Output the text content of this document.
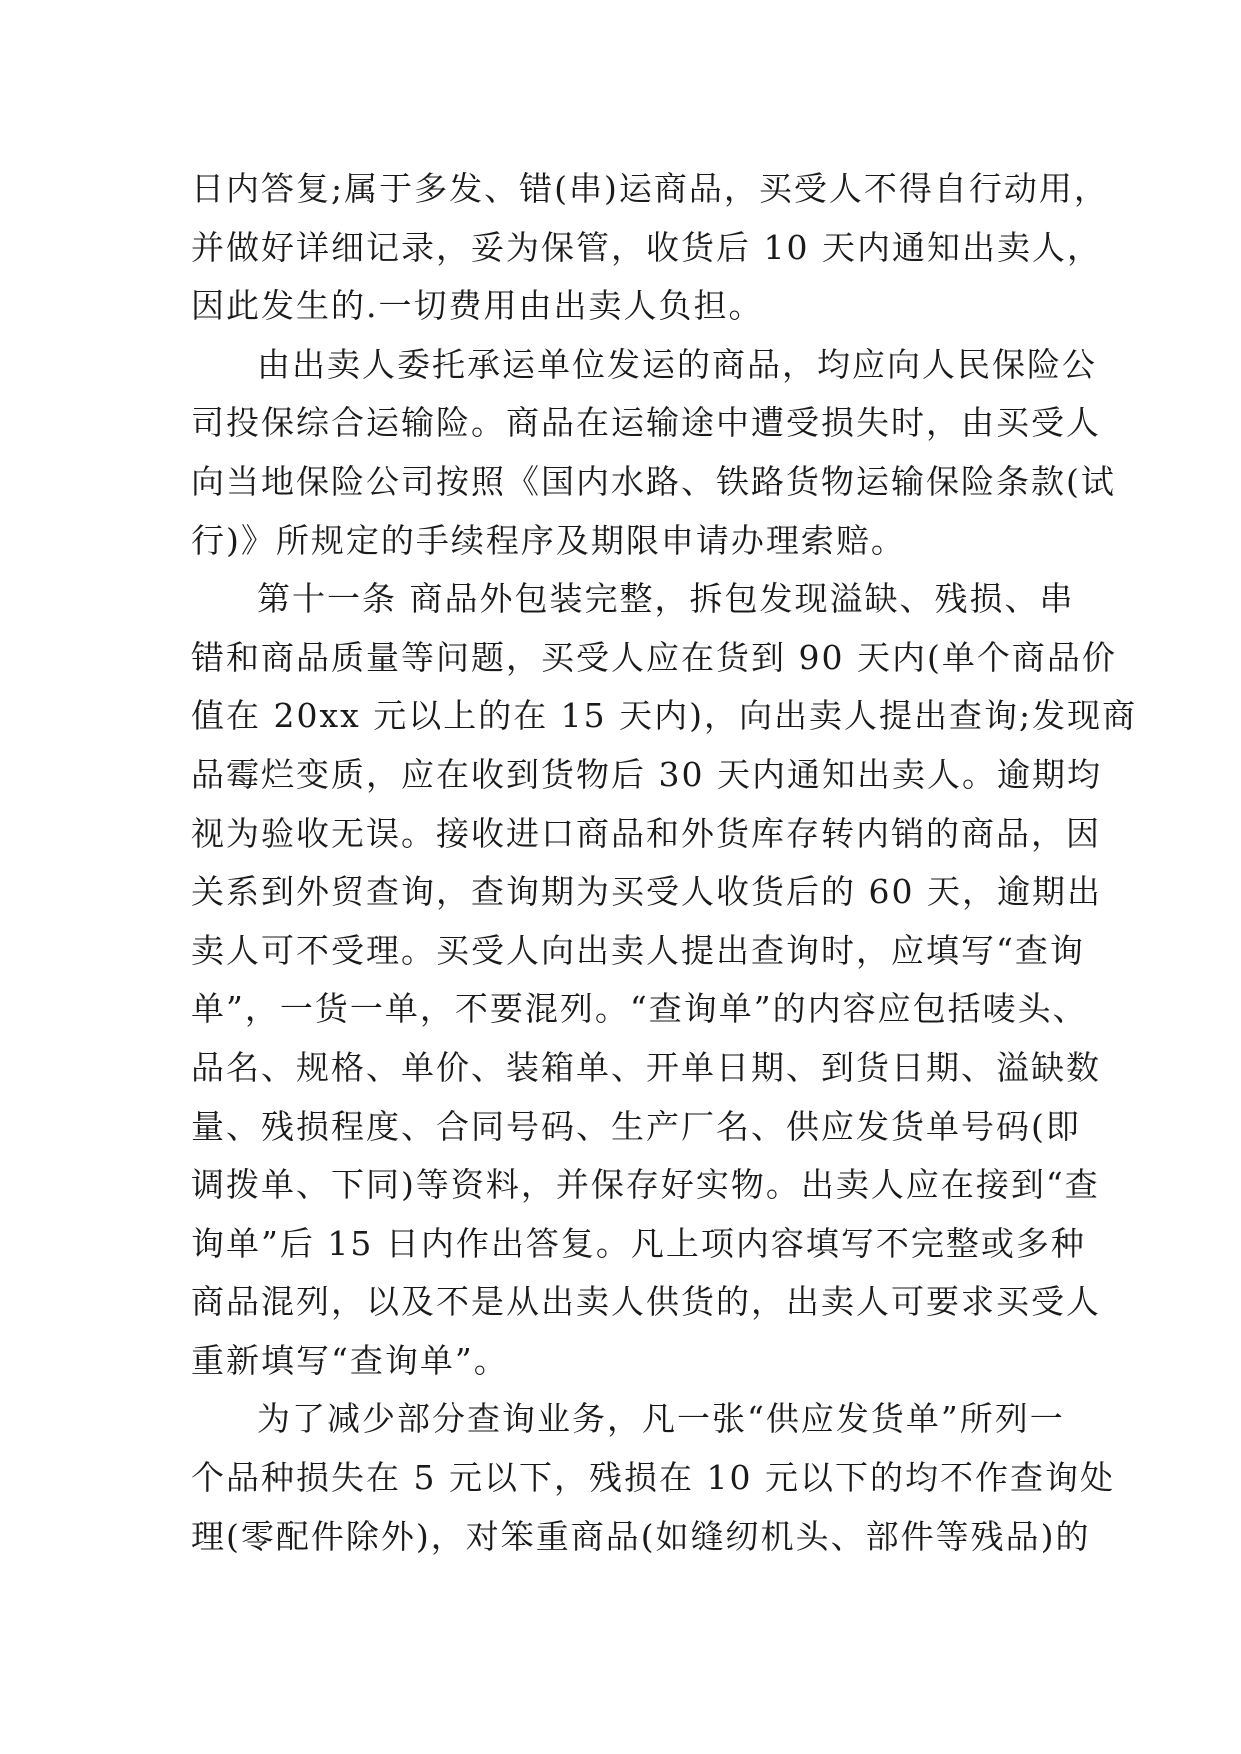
日内答复;属于多发、错(串)运商品，买受人不得自行动用，
并做好详细记录，妥为保管，收货后 10 天内通知出卖人，
因此发生的.一切费用由出卖人负担。

由出卖人委托承运单位发运的商品，均应向人民保险公
司投保综合运输险。商品在运输途中遭受损失时，由买受人
向当地保险公司按照《国内水路、铁路货物运输保险条款(试
行)》所规定的手续程序及期限申请办理索赔。

第十一条 商品外包装完整，拆包发现溢缺、残损、串
错和商品质量等问题，买受人应在货到 90 天内(单个商品价
值在 20xx 元以上的在 15 天内)，向出卖人提出查询;发现商
品霉烂变质，应在收到货物后 30 天内通知出卖人。逾期均
视为验收无误。接收进口商品和外货库存转内销的商品，因
关系到外贸查询，查询期为买受人收货后的 60 天，逾期出
卖人可不受理。买受人向出卖人提出查询时，应填写“查询
单”，一货一单，不要混列。“查询单”的内容应包括唛头、
品名、规格、单价、装箱单、开单日期、到货日期、溢缺数
量、残损程度、合同号码、生产厂名、供应发货单号码(即
调拨单、下同)等资料，并保存好实物。出卖人应在接到“查
询单”后 15 日内作出答复。凡上项内容填写不完整或多种
商品混列，以及不是从出卖人供货的，出卖人可要求买受人
重新填写“查询单”。

为了减少部分查询业务，凡一张“供应发货单”所列一
个品种损失在 5 元以下，残损在 10 元以下的均不作查询处
理(零配件除外)，对笨重商品(如缝纫机头、部件等残品)的
